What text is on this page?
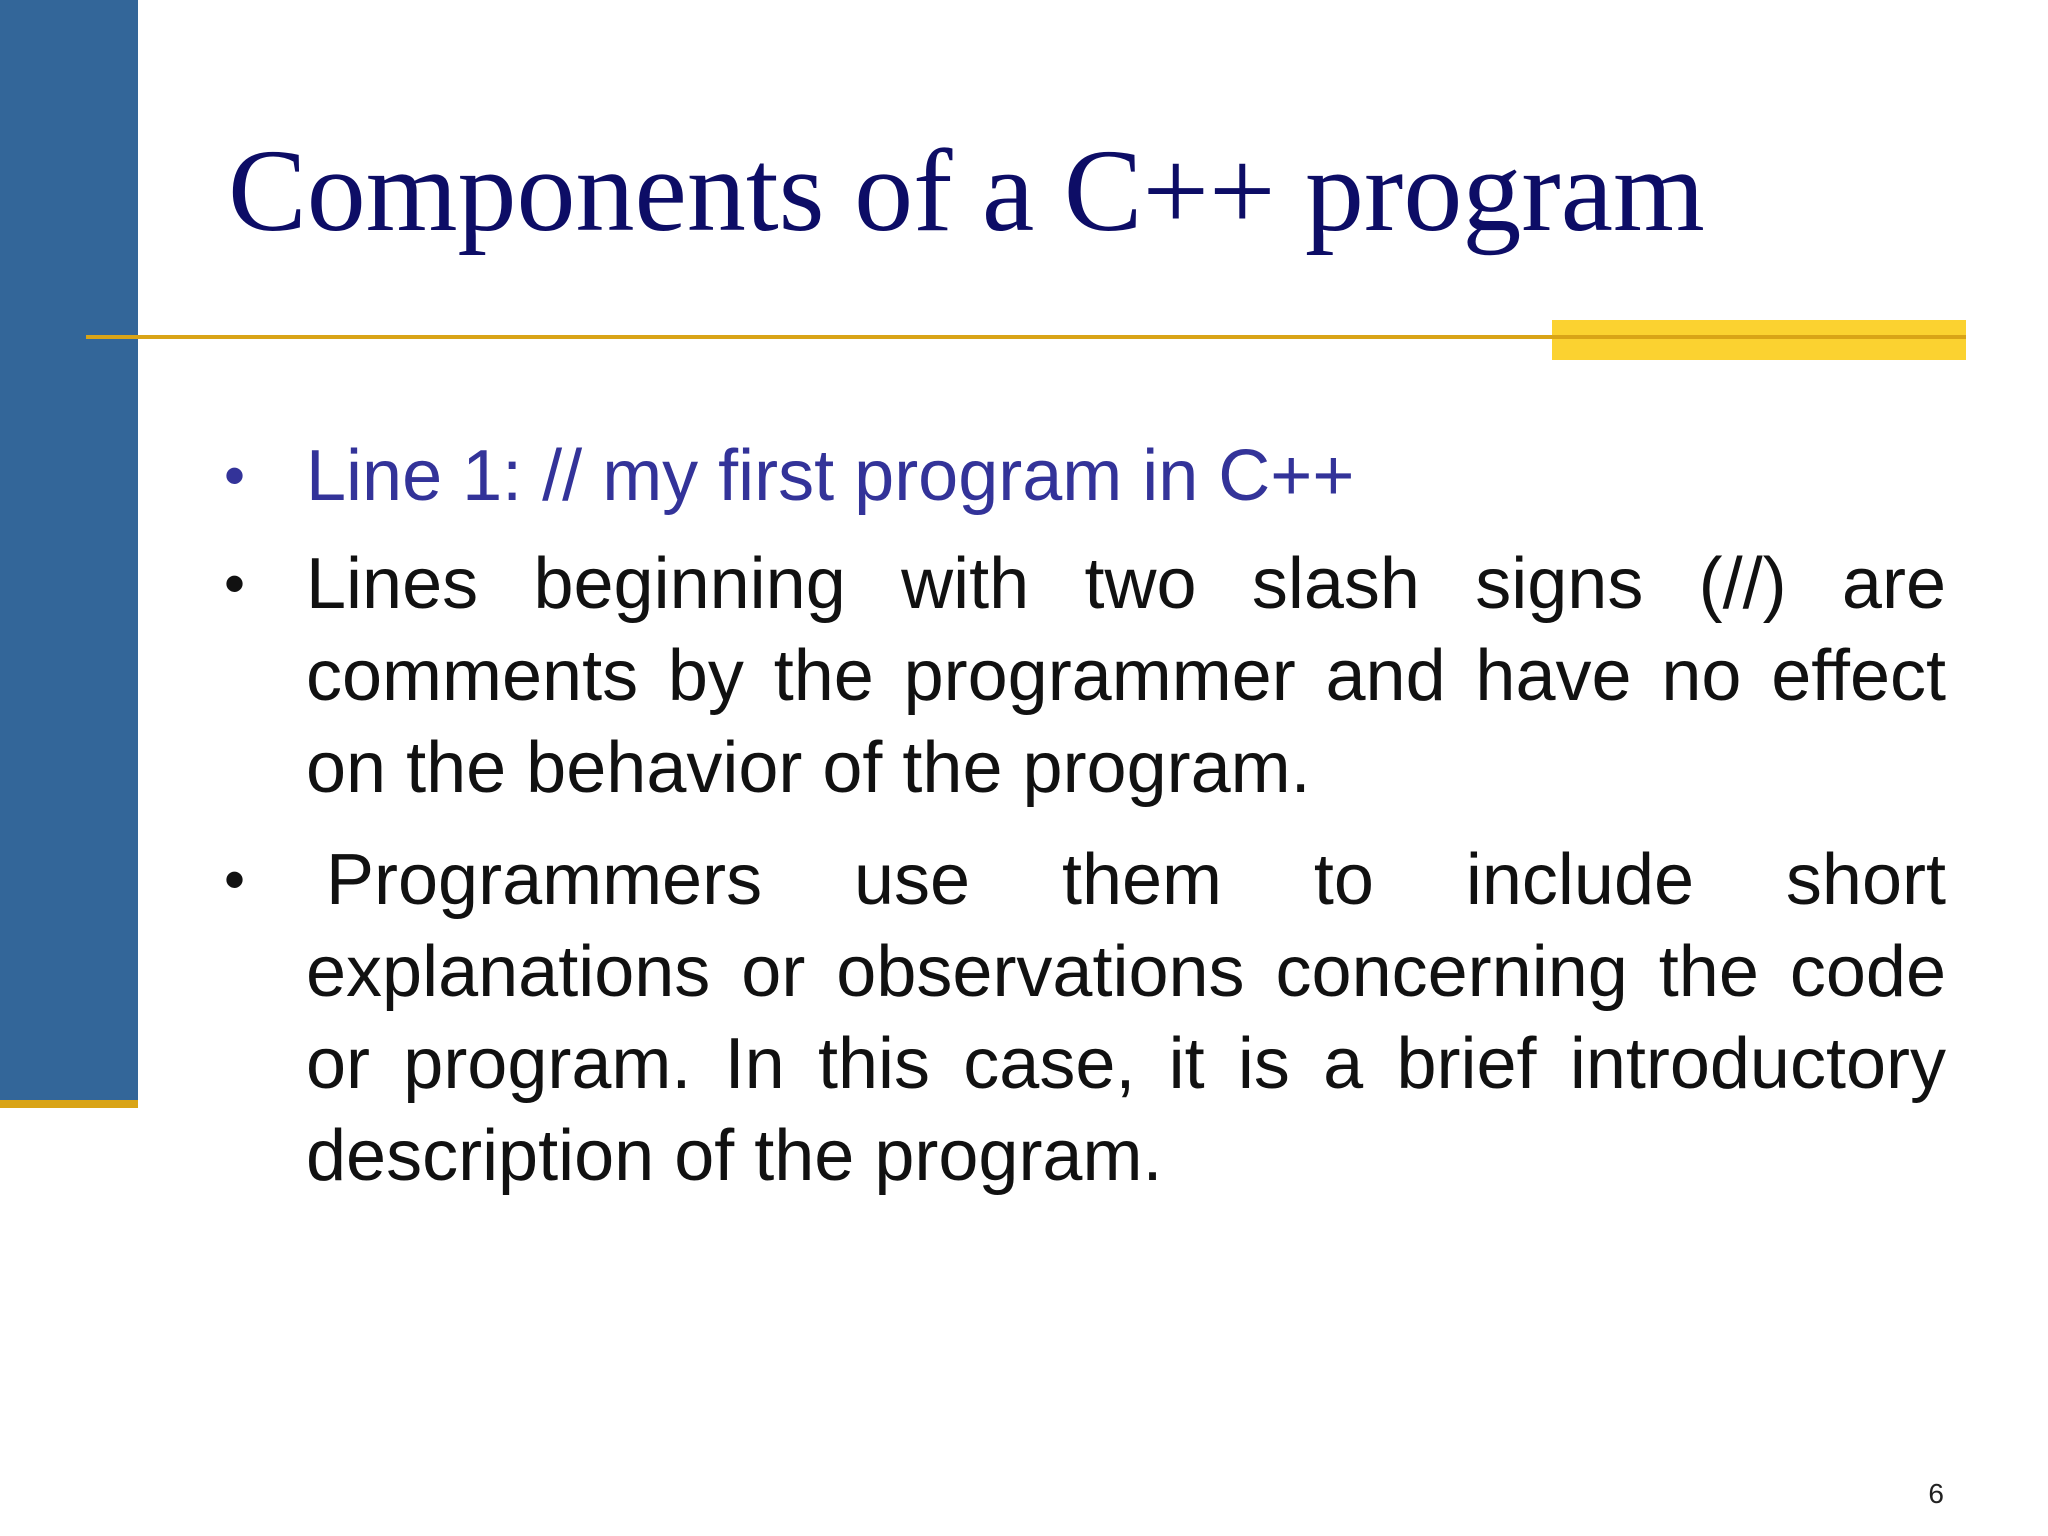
Components of a C++ program
• Line 1: // my first program in C++
• Lines beginning with two slash signs (//) are comments by the programmer and have no effect on the behavior of the program.
• Programmers use them to include short explanations or observations concerning the code or program. In this case, it is a brief introductory description of the program.
6
